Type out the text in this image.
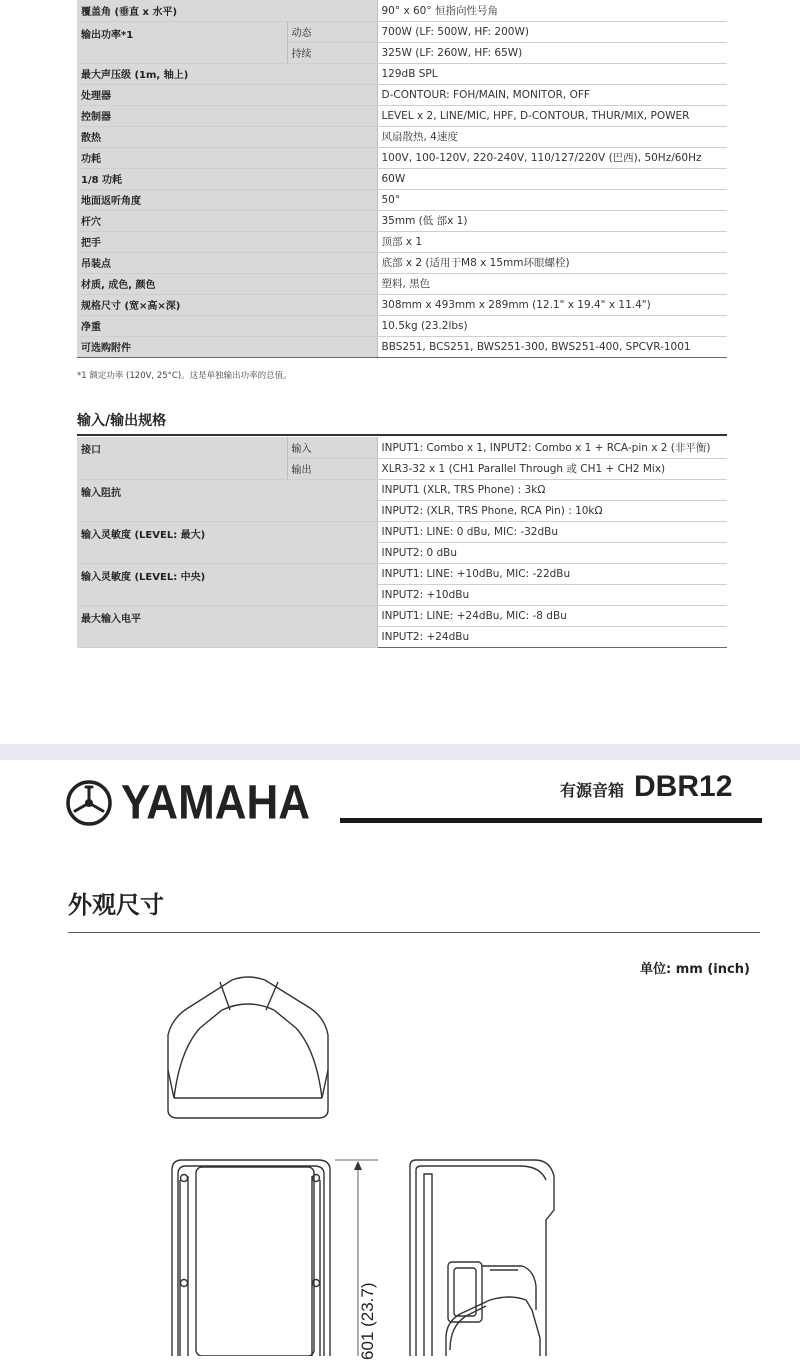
覆盖角 (垂直 x 水平)		90° x 60° 恒指向性号角
输出功率*1	动态	700W (LF: 500W, HF: 200W)
	持续	325W (LF: 260W, HF: 65W)
最大声压级 (1m, 轴上)		129dB SPL
处理器		D-CONTOUR: FOH/MAIN, MONITOR, OFF
控制器		LEVEL x 2, LINE/MIC, HPF, D-CONTOUR, THUR/MIX, POWER
散热		风扇散热, 4速度
功耗		100V, 100-120V, 220-240V, 110/127/220V (巴西), 50Hz/60Hz
1/8 功耗		60W
地面返听角度		50°
杆穴		35mm (低 部x 1)
把手		顶部 x 1
吊装点		底部 x 2 (适用于M8 x 15mm环眼螺栓)
材质, 成色, 颜色		塑料, 黑色
规格尺寸 (宽×高×深)		308mm x 493mm x 289mm (12.1" x 19.4" x 11.4")
净重		10.5kg (23.2lbs)
可选购附件		BBS251, BCS251, BWS251-300, BWS251-400, SPCVR-1001
*1 额定功率 (120V, 25°C)。这是单独输出功率的总值。
输入/输出规格
接口	输入	INPUT1: Combo x 1, INPUT2: Combo x 1 + RCA-pin x 2 (非平衡)
	输出	XLR3-32 x 1 (CH1 Parallel Through 或 CH1 + CH2 Mix)
输入阻抗		INPUT1 (XLR, TRS Phone) : 3kΩ
		INPUT2: (XLR, TRS Phone, RCA Pin) : 10kΩ
输入灵敏度 (LEVEL: 最大)		INPUT1: LINE: 0 dBu, MIC: -32dBu
		INPUT2: 0 dBu
输入灵敏度 (LEVEL: 中央)		INPUT1: LINE: +10dBu, MIC: -22dBu
		INPUT2: +10dBu
最大输入电平		INPUT1: LINE: +24dBu, MIC: -8 dBu
		INPUT2: +24dBu
YAMAHA	有源音箱 DBR12
外观尺寸
单位: mm (inch)
601 (23.7)
